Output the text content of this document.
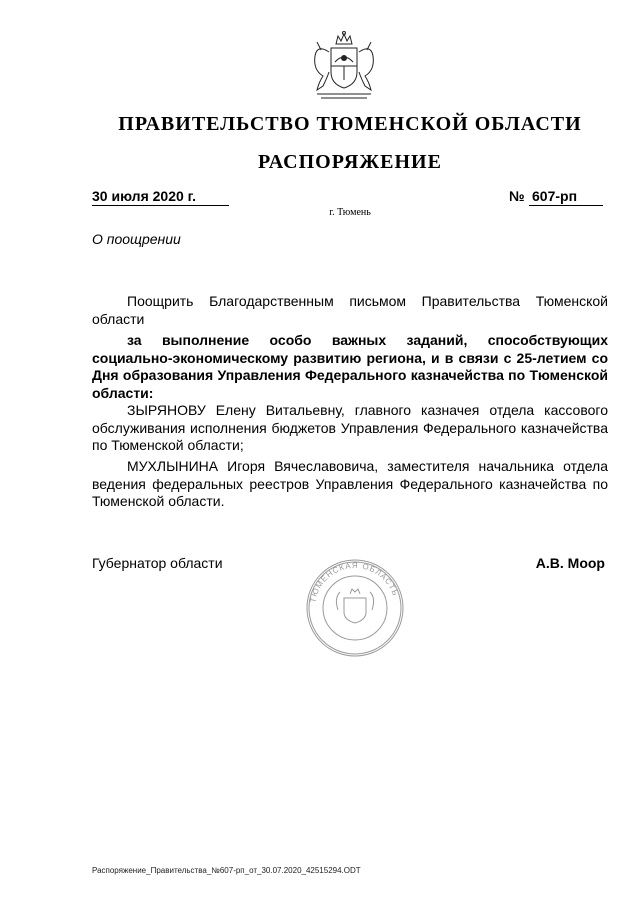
ПРАВИТЕЛЬСТВО ТЮМЕНСКОЙ ОБЛАСТИ
РАСПОРЯЖЕНИЕ
30 июля 2020 г.	№ 607-рп
г. Тюмень
О поощрении
Поощрить Благодарственным письмом Правительства Тюменской области
за выполнение особо важных заданий, способствующих социально-экономическому развитию региона, и в связи с 25-летием со Дня образования Управления Федерального казначейства по Тюменской области:
ЗЫРЯНОВУ Елену Витальевну, главного казначея отдела кассового обслуживания исполнения бюджетов Управления Федерального казначейства по Тюменской области;
МУХЛЫНИНА Игоря Вячеславовича, заместителя начальника отдела ведения федеральных реестров Управления Федерального казначейства по Тюменской области.
ТЮМЕНСКАЯ ОБЛАСТЬ
Губернатор области	А.В. Моор
Распоряжение_Правительства_№607-рп_от_30.07.2020_42515294.ODT
